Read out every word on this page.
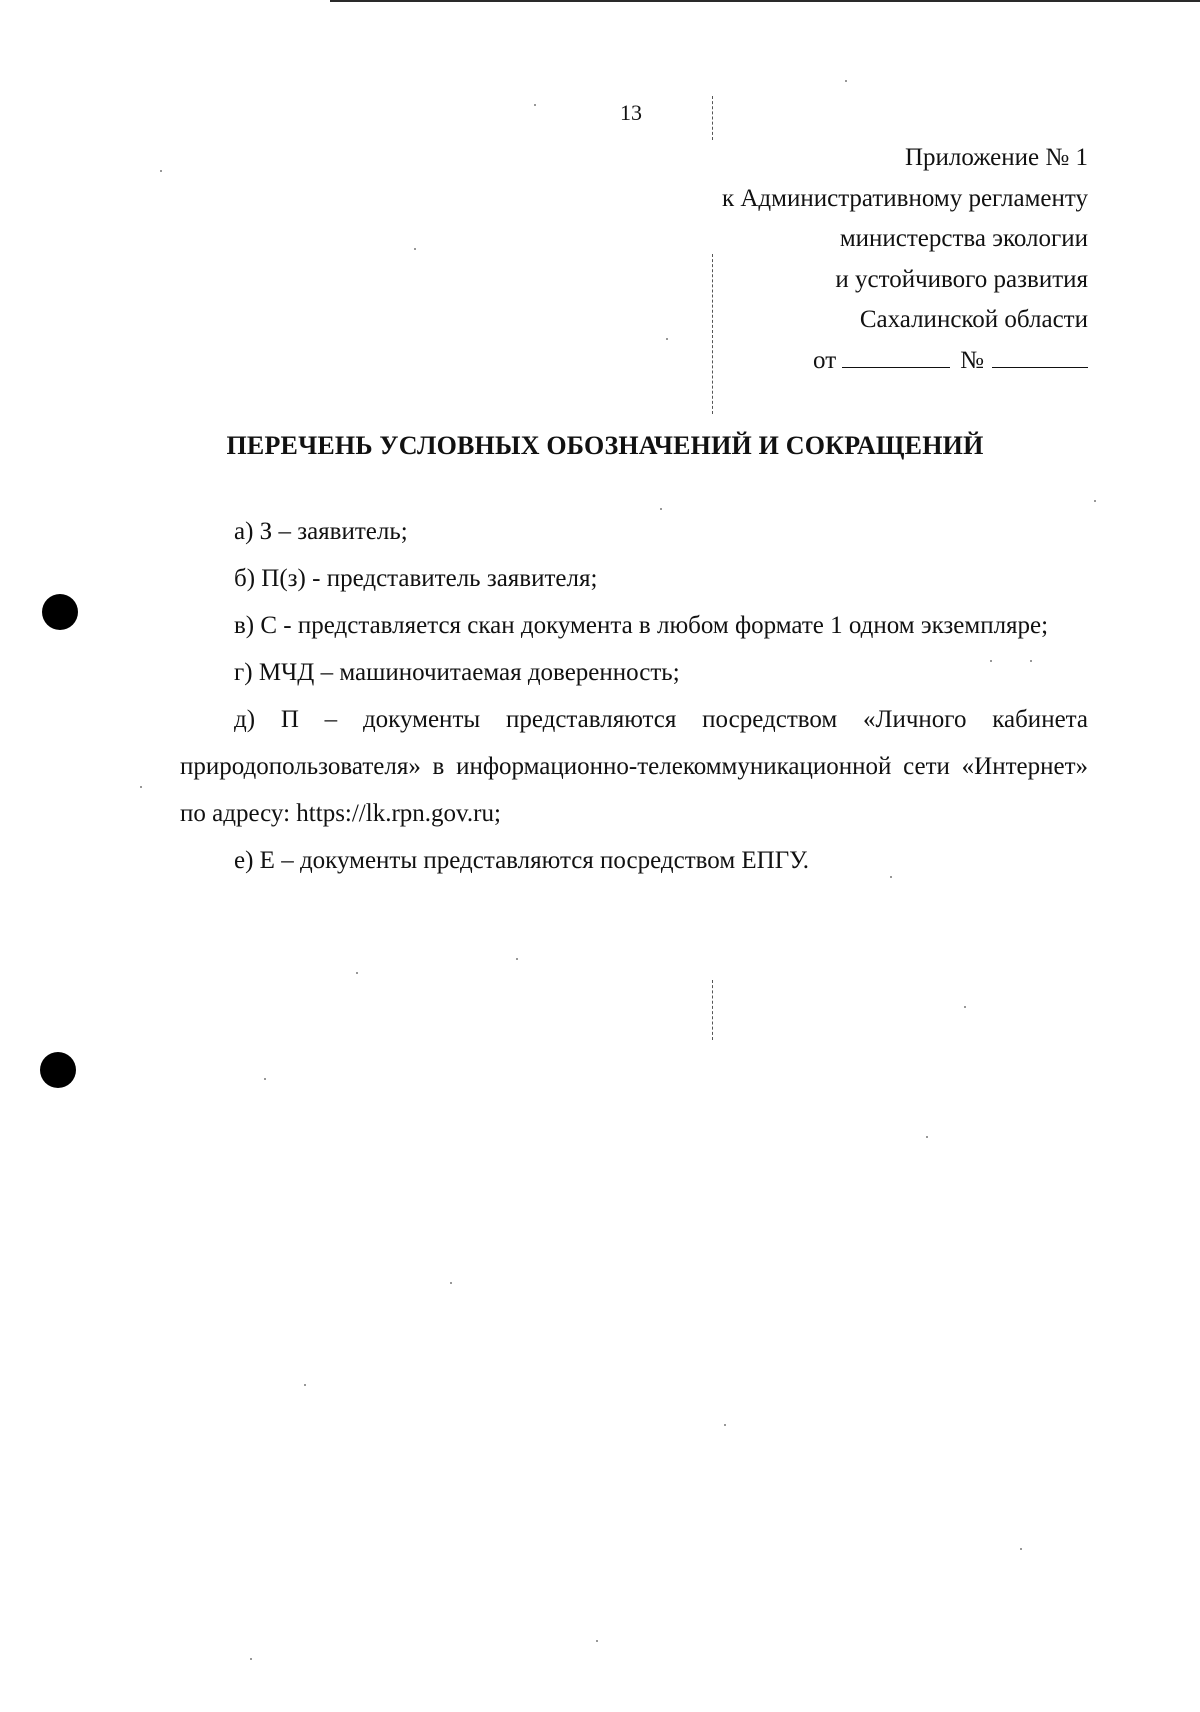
13
Приложение № 1
к Административному регламенту
министерства экологии
и устойчивого развития
Сахалинской области
от	№
ПЕРЕЧЕНЬ УСЛОВНЫХ ОБОЗНАЧЕНИЙ И СОКРАЩЕНИЙ

а) З – заявитель;

б) П(з) - представитель заявителя;

в) С - представляется скан документа в любом формате 1 одном экземпляре;

г) МЧД – машиночитаемая доверенность;

д) П – документы представляются посредством «Личного кабинета природопользователя» в информационно-телекоммуникационной сети «Интернет» по адресу: https://lk.rpn.gov.ru;

е) Е – документы представляются посредством ЕПГУ.
